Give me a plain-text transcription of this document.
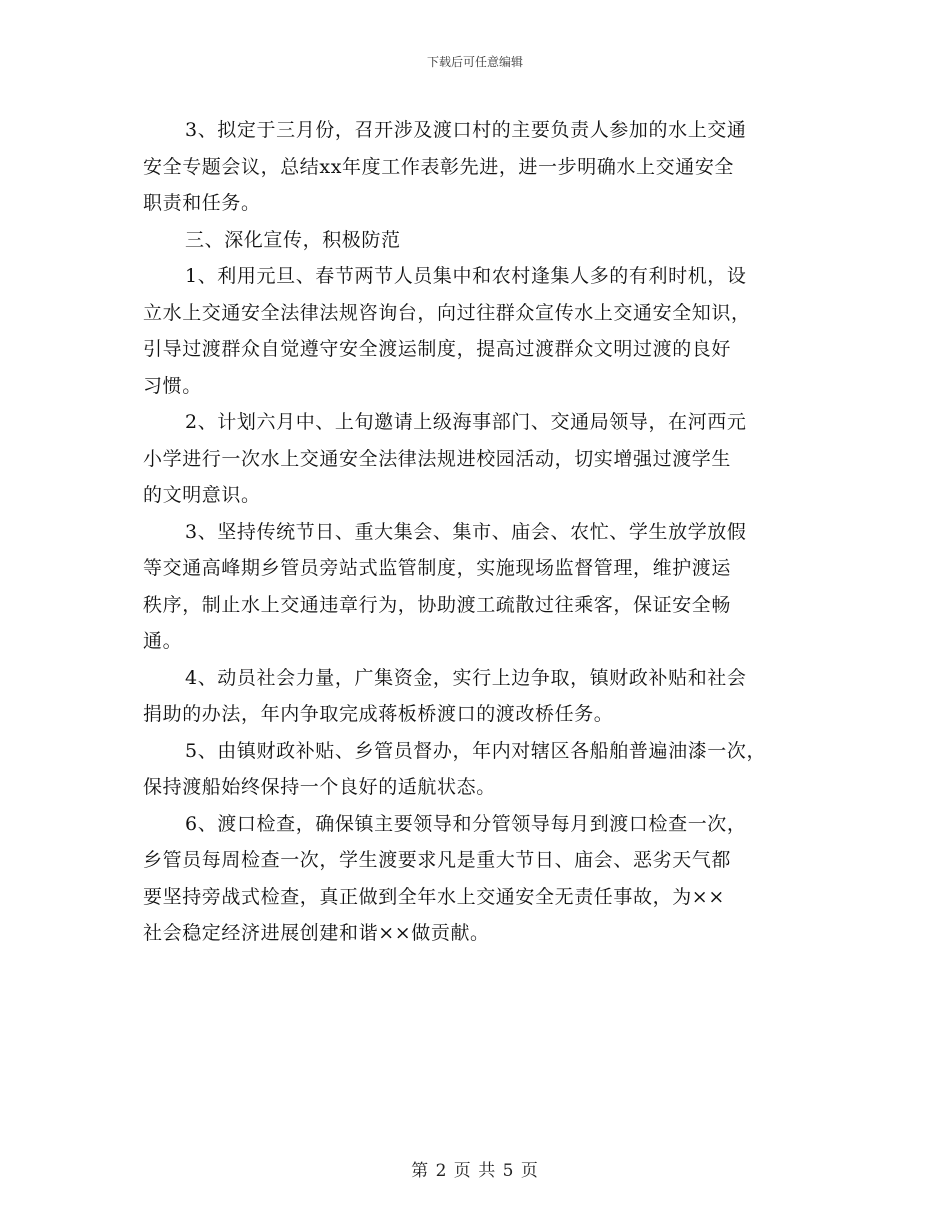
下载后可任意编辑
3、拟定于三月份，召开涉及渡口村的主要负责人参加的水上交通
安全专题会议，总结xx年度工作表彰先进，进一步明确水上交通安全
职责和任务。
三、深化宣传，积极防范
1、利用元旦、春节两节人员集中和农村逢集人多的有利时机，设
立水上交通安全法律法规咨询台，向过往群众宣传水上交通安全知识，
引导过渡群众自觉遵守安全渡运制度，提高过渡群众文明过渡的良好
习惯。
2、计划六月中、上旬邀请上级海事部门、交通局领导，在河西元
小学进行一次水上交通安全法律法规进校园活动，切实增强过渡学生
的文明意识。
3、坚持传统节日、重大集会、集市、庙会、农忙、学生放学放假
等交通高峰期乡管员旁站式监管制度，实施现场监督管理，维护渡运
秩序，制止水上交通违章行为，协助渡工疏散过往乘客，保证安全畅
通。
4、动员社会力量，广集资金，实行上边争取，镇财政补贴和社会
捐助的办法，年内争取完成蒋板桥渡口的渡改桥任务。
5、由镇财政补贴、乡管员督办，年内对辖区各船舶普遍油漆一次，
保持渡船始终保持一个良好的适航状态。
6、渡口检查，确保镇主要领导和分管领导每月到渡口检查一次，
乡管员每周检查一次，学生渡要求凡是重大节日、庙会、恶劣天气都
要坚持旁战式检查，真正做到全年水上交通安全无责任事故，为××
社会稳定经济进展创建和谐××做贡献。
第 2 页 共 5 页
